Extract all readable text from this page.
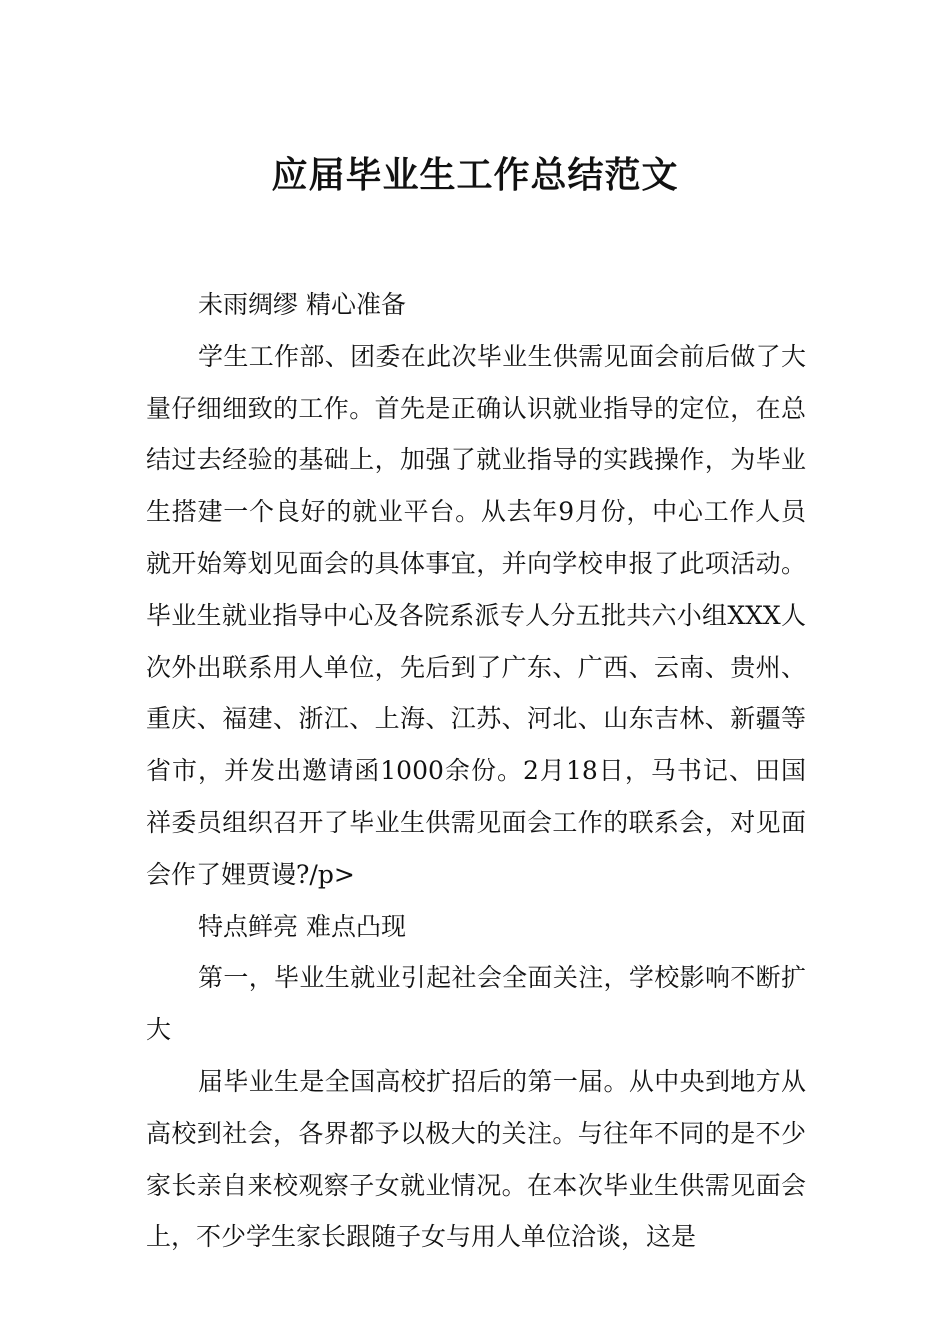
应届毕业生工作总结范文

未雨绸缪 精心准备

学生工作部、团委在此次毕业生供需见面会前后做了大量仔细细致的工作。首先是正确认识就业指导的定位，在总结过去经验的基础上，加强了就业指导的实践操作，为毕业生搭建一个良好的就业平台。从去年9月份，中心工作人员就开始筹划见面会的具体事宜，并向学校申报了此项活动。毕业生就业指导中心及各院系派专人分五批共六小组XXX人次外出联系用人单位，先后到了广东、广西、云南、贵州、重庆、福建、浙江、上海、江苏、河北、山东吉林、新疆等省市，并发出邀请函1000余份。2月18日，马书记、田国祥委员组织召开了毕业生供需见面会工作的联系会，对见面会作了娌贾谩?/p>

特点鲜亮 难点凸现

第一，毕业生就业引起社会全面关注，学校影响不断扩大

届毕业生是全国高校扩招后的第一届。从中央到地方从高校到社会，各界都予以极大的关注。与往年不同的是不少家长亲自来校观察子女就业情况。在本次毕业生供需见面会上，不少学生家长跟随子女与用人单位洽谈，这是
